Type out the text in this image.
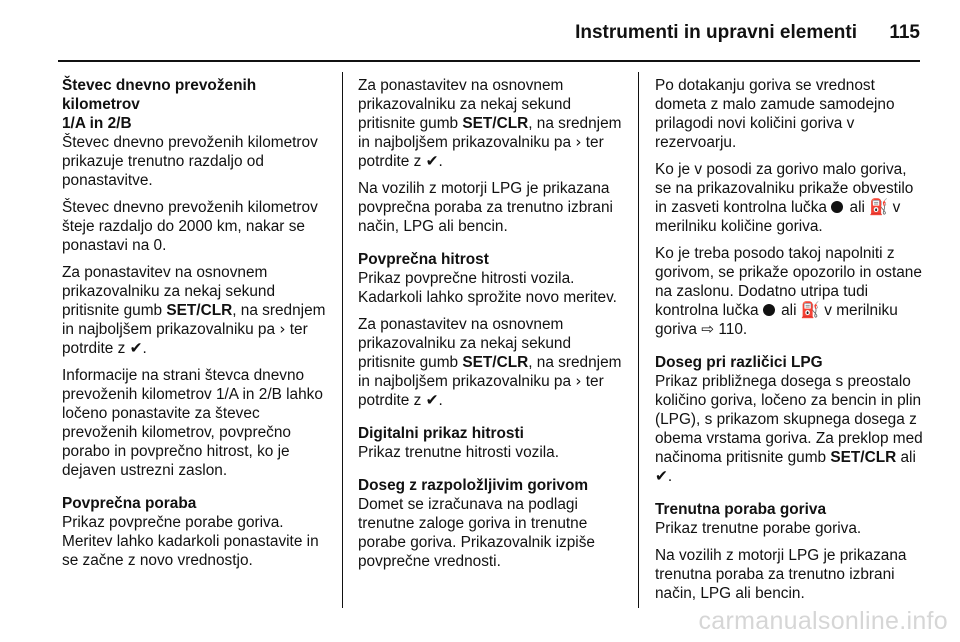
Instrumenti in upravni elementi 115

Števec dnevno prevoženih kilometrov
1/A in 2/B

Števec dnevno prevoženih kilometrov prikazuje trenutno razdaljo od ponastavitve.

Števec dnevno prevoženih kilometrov šteje razdaljo do 2000 km, nakar se ponastavi na 0.

Za ponastavitev na osnovnem prikazovalniku za nekaj sekund pritisnite gumb SET/CLR, na srednjem in najboljšem prikazovalniku pa › ter potrdite z ✔.

Informacije na strani števca dnevno prevoženih kilometrov 1/A in 2/B lahko ločeno ponastavite za števec prevoženih kilometrov, povprečno porabo in povprečno hitrost, ko je dejaven ustrezni zaslon.

Povprečna poraba

Prikaz povprečne porabe goriva. Meritev lahko kadarkoli ponastavite in se začne z novo vrednostjo.

Za ponastavitev na osnovnem prikazovalniku za nekaj sekund pritisnite gumb SET/CLR, na srednjem in najboljšem prikazovalniku pa › ter potrdite z ✔.

Na vozilih z motorji LPG je prikazana povprečna poraba za trenutno izbrani način, LPG ali bencin.

Povprečna hitrost

Prikaz povprečne hitrosti vozila. Kadarkoli lahko sprožite novo meritev.

Za ponastavitev na osnovnem prikazovalniku za nekaj sekund pritisnite gumb SET/CLR, na srednjem in najboljšem prikazovalniku pa › ter potrdite z ✔.

Digitalni prikaz hitrosti

Prikaz trenutne hitrosti vozila.

Doseg z razpoložljivim gorivom

Domet se izračunava na podlagi trenutne zaloge goriva in trenutne porabe goriva. Prikazovalnik izpiše povprečne vrednosti.

Po dotakanju goriva se vrednost dometa z malo zamude samodejno prilagodi novi količini goriva v rezervoarju.

Ko je v posodi za gorivo malo goriva, se na prikazovalniku prikaže obvestilo in zasveti kontrolna lučka ali ⛽ v merilniku količine goriva.

Ko je treba posodo takoj napolniti z gorivom, se prikaže opozorilo in ostane na zaslonu. Dodatno utripa tudi kontrolna lučka ali ⛽ v merilniku goriva ⇨ 110.

Doseg pri različici LPG

Prikaz približnega dosega s preostalo količino goriva, ločeno za bencin in plin (LPG), s prikazom skupnega dosega z obema vrstama goriva. Za preklop med načinoma pritisnite gumb SET/CLR ali ✔.

Trenutna poraba goriva

Prikaz trenutne porabe goriva.

Na vozilih z motorji LPG je prikazana trenutna poraba za trenutno izbrani način, LPG ali bencin.

carmanualsonline.info
